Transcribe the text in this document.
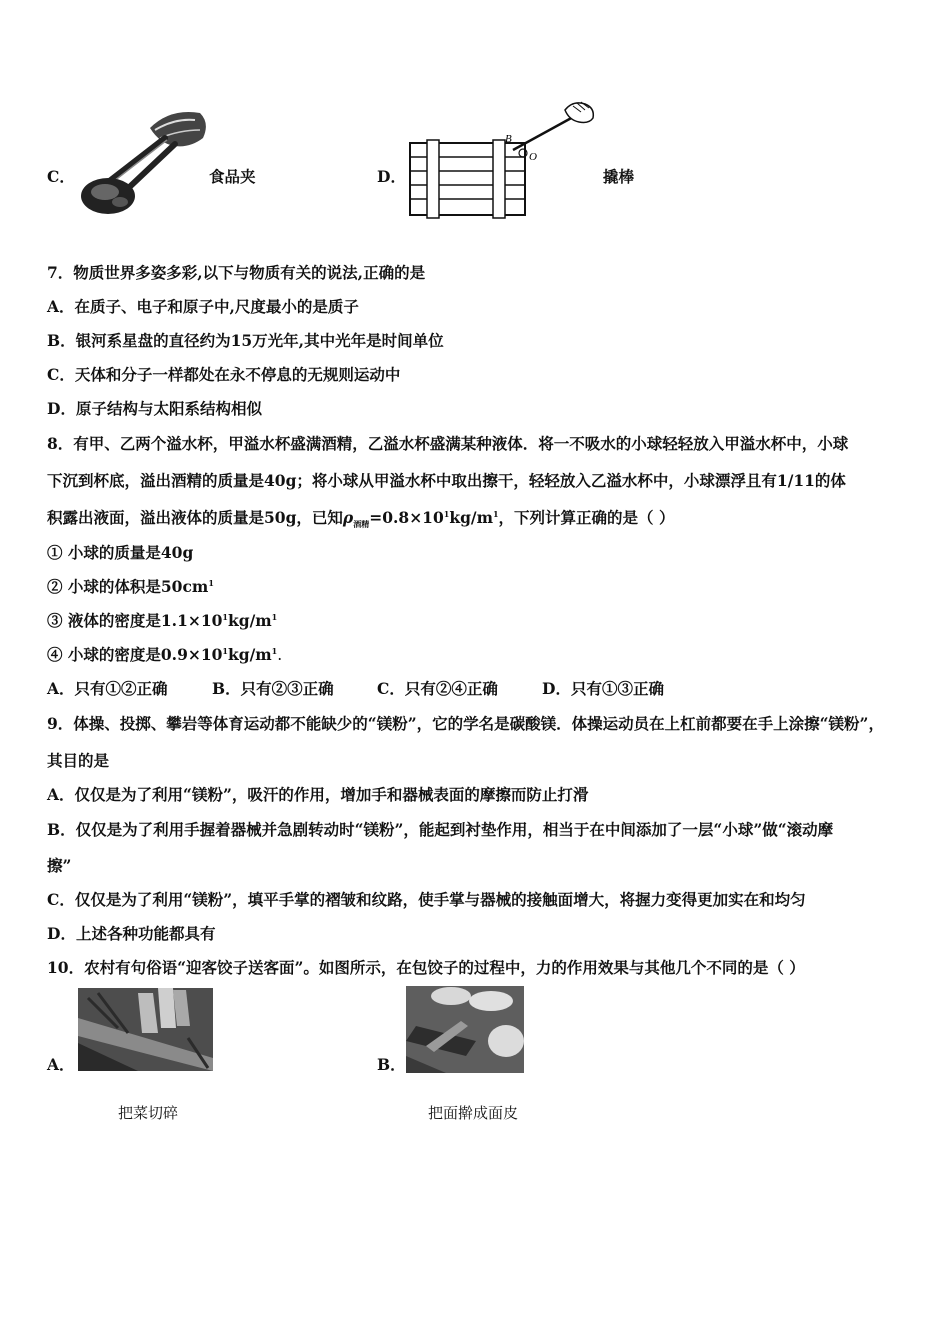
C．	食品夹	D．
B
O
撬棒
7．物质世界多姿多彩,以下与物质有关的说法,正确的是
A．在质子、电子和原子中,尺度最小的是质子
B．银河系星盘的直径约为15万光年,其中光年是时间单位
C．天体和分子一样都处在永不停息的无规则运动中
D．原子结构与太阳系结构相似
8．有甲、乙两个溢水杯，甲溢水杯盛满酒精，乙溢水杯盛满某种液体．将一不吸水的小球轻轻放入甲溢水杯中，小球
下沉到杯底，溢出酒精的质量是40g；将小球从甲溢水杯中取出擦干，轻轻放入乙溢水杯中，小球漂浮且有1/11的体
积露出液面，溢出液体的质量是50g，已知$\rho_{酒精}=0.8\times 10^1kg/m^1$，下列计算正确的是（ ）
① 小球的质量是40g
② 小球的体积是$50cm^1$
③ 液体的密度是$1.1\times 10^1kg/m^1$
④ 小球的密度是$0.9\times 10^1kg/m^1$.
A．只有①②正确	B．只有②③正确	C．只有②④正确	D．只有①③正确
9．体操、投掷、攀岩等体育运动都不能缺少的“镁粉”，它的学名是碳酸镁．体操运动员在上杠前都要在手上涂擦“镁粉”，
其目的是
A．仅仅是为了利用“镁粉”，吸汗的作用，增加手和器械表面的摩擦而防止打滑
B．仅仅是为了利用手握着器械并急剧转动时“镁粉”，能起到衬垫作用，相当于在中间添加了一层“小球”做“滚动摩
擦”
C．仅仅是为了利用“镁粉”，填平手掌的褶皱和纹路，使手掌与器械的接触面增大，将握力变得更加实在和均匀
D．上述各种功能都具有
10．农村有句俗语“迎客饺子送客面”。如图所示，在包饺子的过程中，力的作用效果与其他几个不同的是（ ）
A．
把菜切碎
B．
把面擀成面皮
